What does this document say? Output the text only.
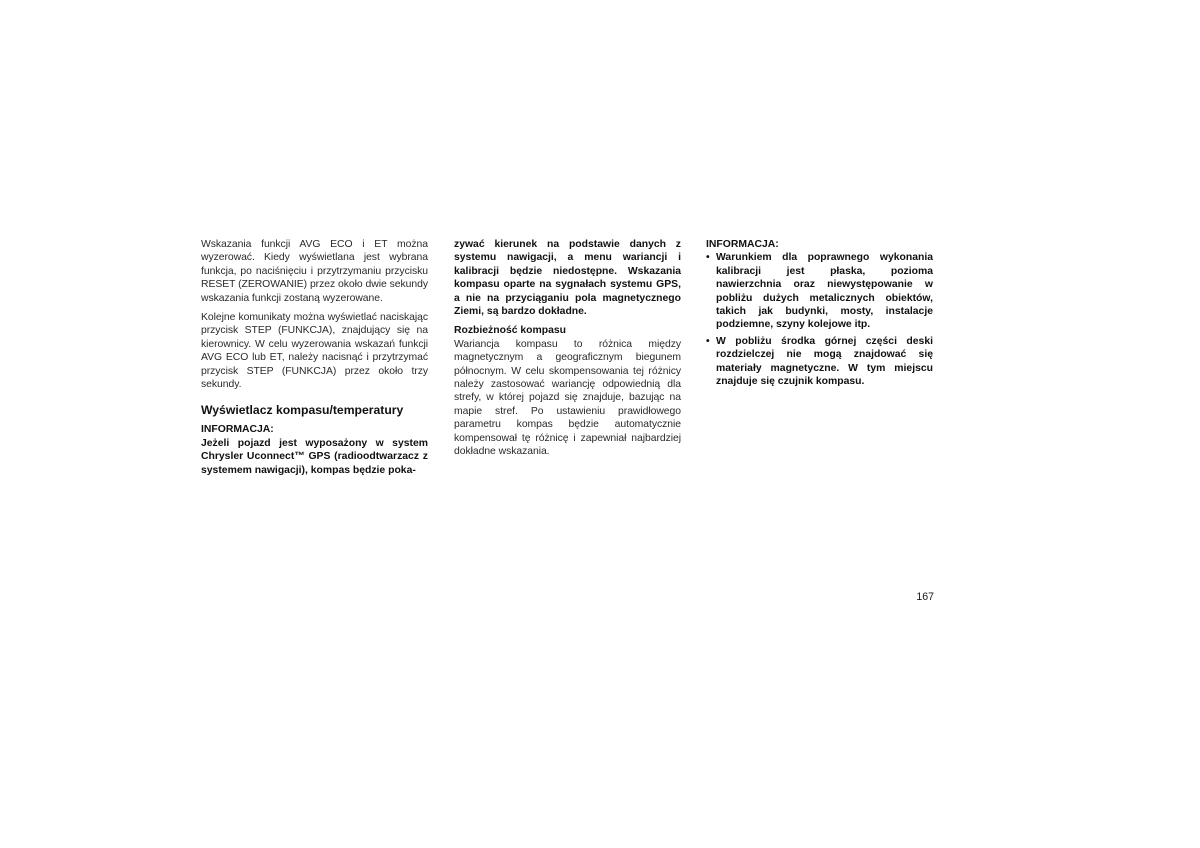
Wskazania funkcji AVG ECO i ET można wyzerować. Kiedy wyświetlana jest wybrana funkcja, po naciśnięciu i przytrzymaniu przycisku RESET (ZEROWANIE) przez około dwie sekundy wskazania funkcji zostaną wyzerowane.

Kolejne komunikaty można wyświetlać naciskając przycisk STEP (FUNKCJA), znajdujący się na kierownicy. W celu wyzerowania wskazań funkcji AVG ECO lub ET, należy nacisnąć i przytrzymać przycisk STEP (FUNKCJA) przez około trzy sekundy.

Wyświetlacz kompasu/temperatury
INFORMACJA:

Jeżeli pojazd jest wyposażony w system Chrysler Uconnect™ GPS (radioodtwarzacz z systemem nawigacji), kompas będzie poka-

zywać kierunek na podstawie danych z systemu nawigacji, a menu wariancji i kalibracji będzie niedostępne. Wskazania kompasu oparte na sygnałach systemu GPS, a nie na przyciąganiu pola magnetycznego Ziemi, są bardzo dokładne.

Rozbieżność kompasu

Wariancja kompasu to różnica między magnetycznym a geograficznym biegunem północnym. W celu skompensowania tej różnicy należy zastosować wariancję odpowiednią dla strefy, w której pojazd się znajduje, bazując na mapie stref. Po ustawieniu prawidłowego parametru kompas będzie automatycznie kompensował tę różnicę i zapewniał najbardziej dokładne wskazania.

INFORMACJA:
• Warunkiem dla poprawnego wykonania kalibracji jest płaska, pozioma nawierzchnia oraz niewystępowanie w pobliżu dużych metalicznych obiektów, takich jak budynki, mosty, instalacje podziemne, szyny kolejowe itp.
• W pobliżu środka górnej części deski rozdzielczej nie mogą znajdować się materiały magnetyczne. W tym miejscu znajduje się czujnik kompasu.
167
